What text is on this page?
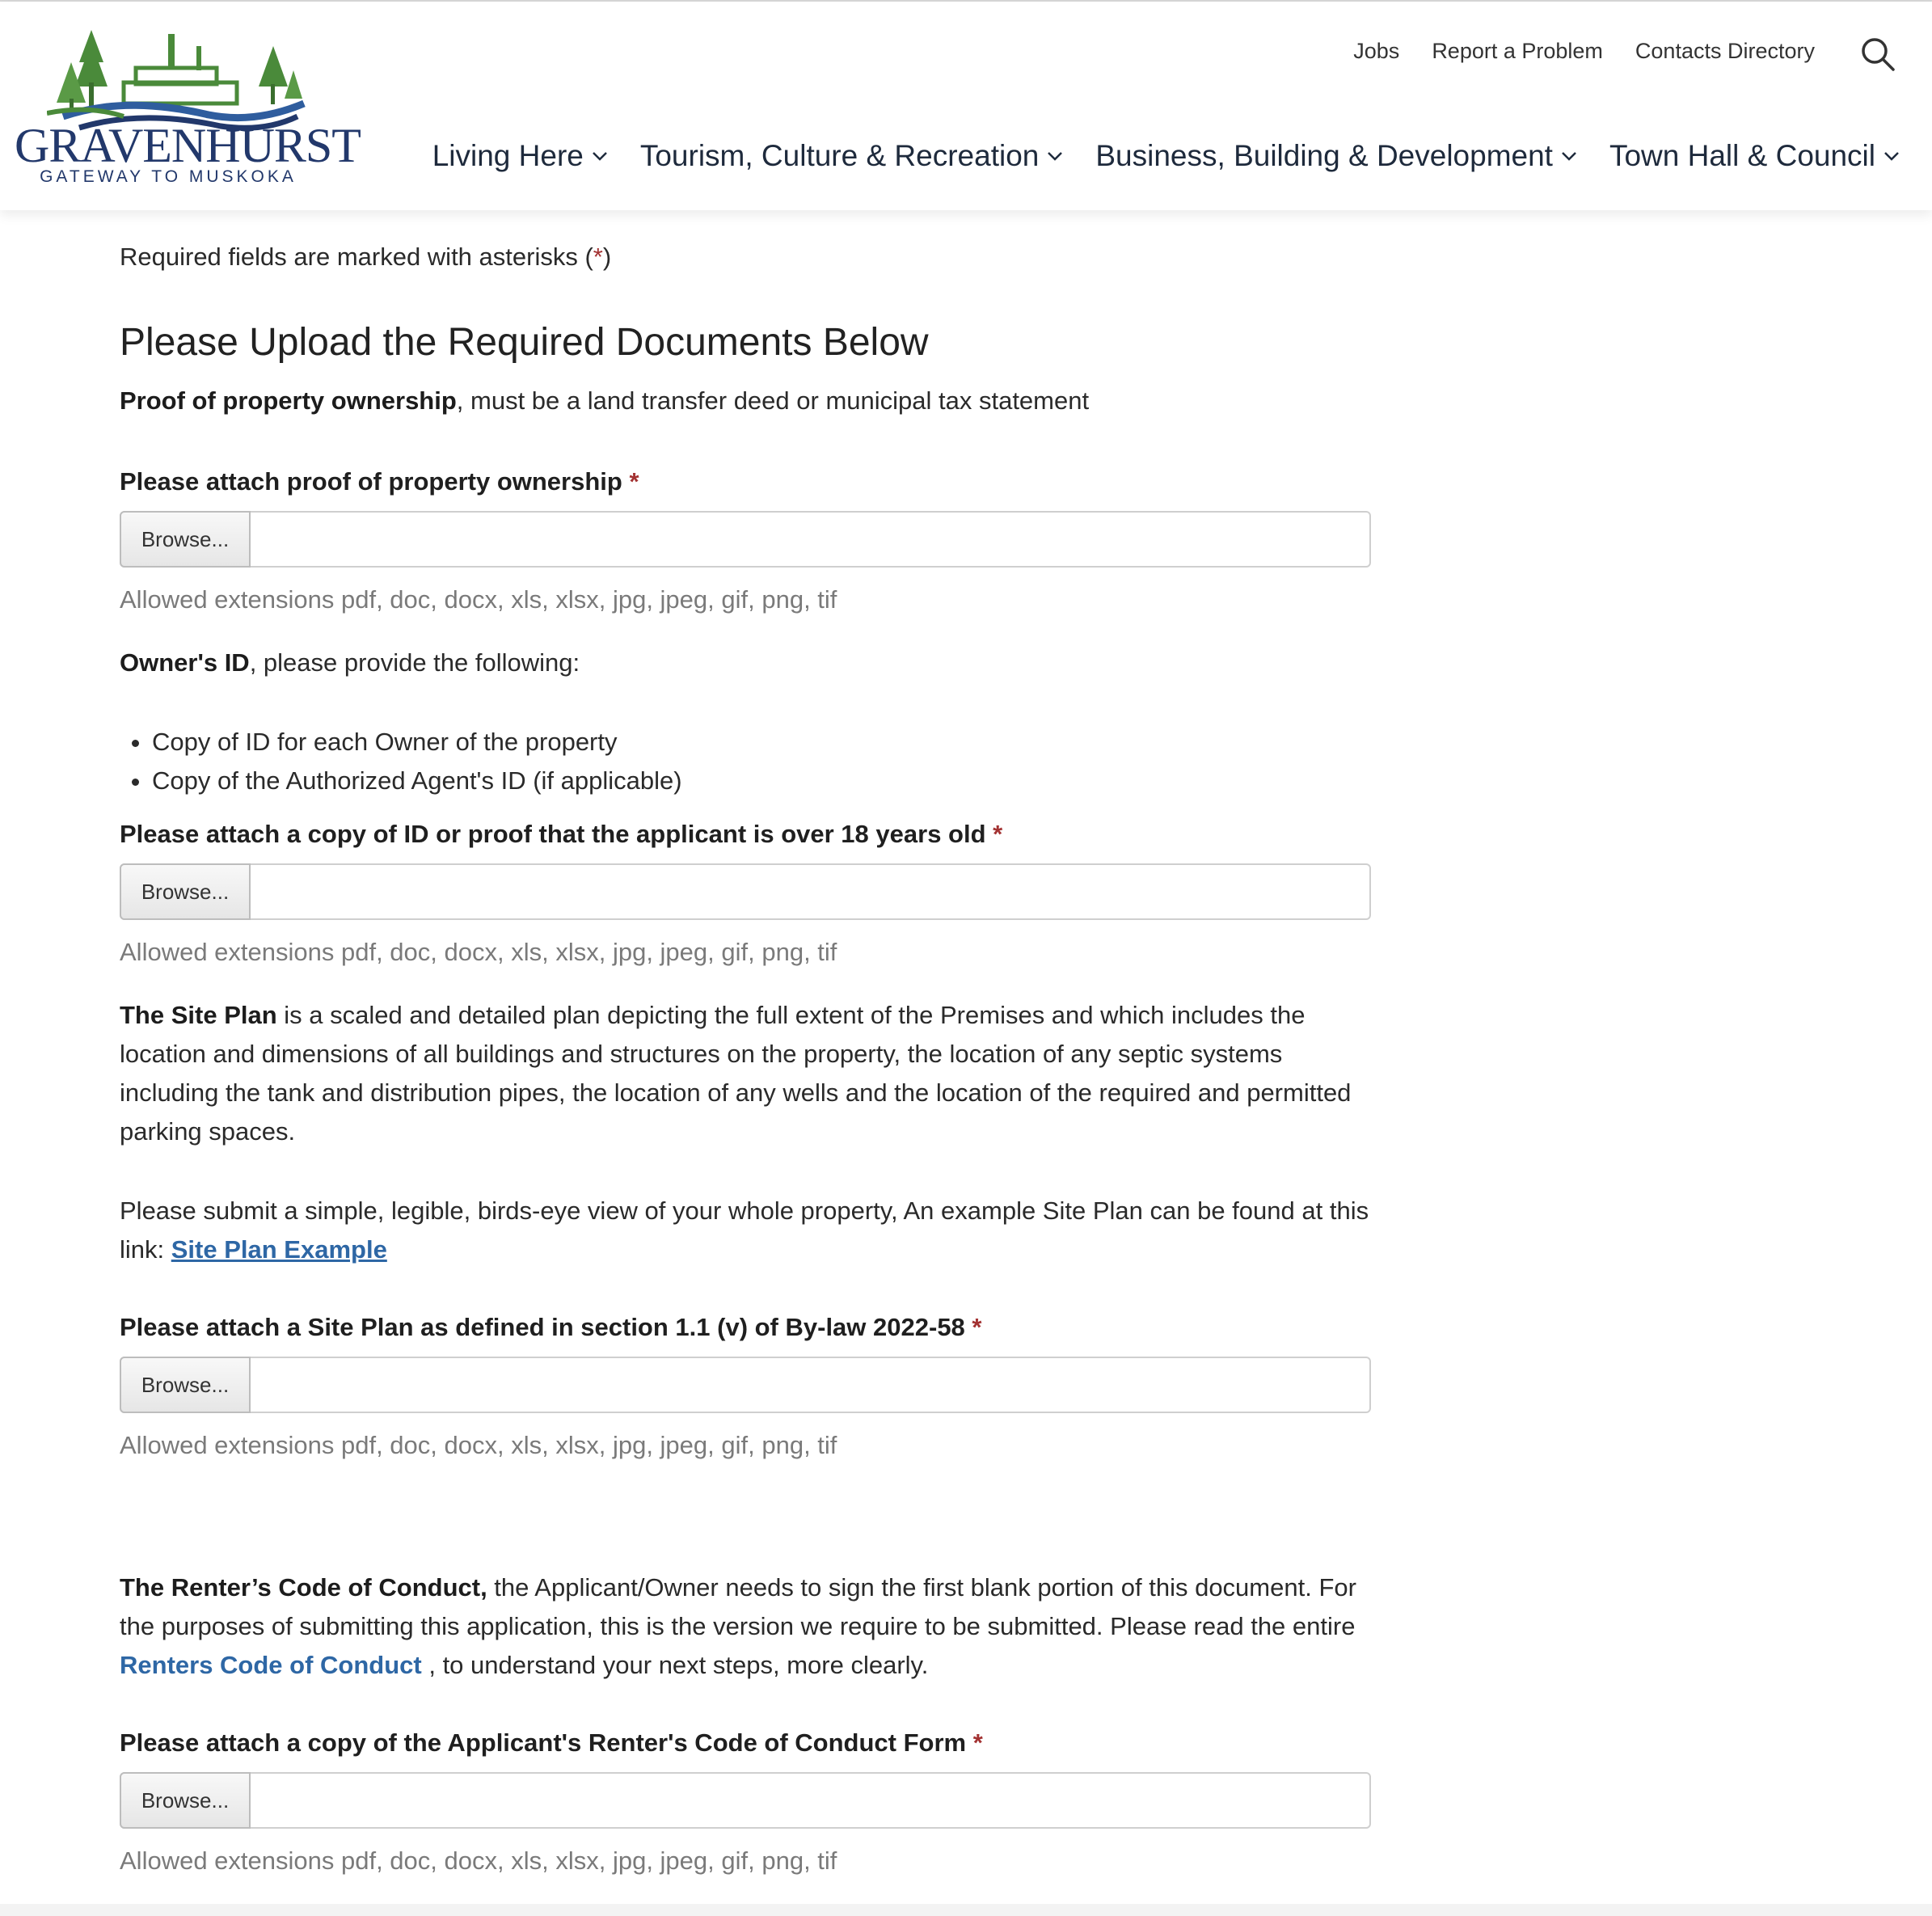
GRAVENHURST
GATEWAY TO MUSKOKA
Jobs Report a Problem Contacts Directory
Living Here Tourism, Culture & Recreation Business, Building & Development Town Hall & Council
Required fields are marked with asterisks (*)
Please Upload the Required Documents Below
Proof of property ownership, must be a land transfer deed or municipal tax statement
Please attach proof of property ownership *
Browse...
Allowed extensions pdf, doc, docx, xls, xlsx, jpg, jpeg, gif, png, tif
Owner's ID, please provide the following:
• Copy of ID for each Owner of the property
• Copy of the Authorized Agent's ID (if applicable)
Please attach a copy of ID or proof that the applicant is over 18 years old *
Browse...
Allowed extensions pdf, doc, docx, xls, xlsx, jpg, jpeg, gif, png, tif
The Site Plan is a scaled and detailed plan depicting the full extent of the Premises and which includes the location and dimensions of all buildings and structures on the property, the location of any septic systems including the tank and distribution pipes, the location of any wells and the location of the required and permitted parking spaces.
Please submit a simple, legible, birds-eye view of your whole property, An example Site Plan can be found at this link: Site Plan Example
Please attach a Site Plan as defined in section 1.1 (v) of By-law 2022-58 *
Browse...
Allowed extensions pdf, doc, docx, xls, xlsx, jpg, jpeg, gif, png, tif
The Renter’s Code of Conduct, the Applicant/Owner needs to sign the first blank portion of this document. For the purposes of submitting this application, this is the version we require to be submitted. Please read the entire Renters Code of Conduct , to understand your next steps, more clearly.
Please attach a copy of the Applicant's Renter's Code of Conduct Form *
Browse...
Allowed extensions pdf, doc, docx, xls, xlsx, jpg, jpeg, gif, png, tif
